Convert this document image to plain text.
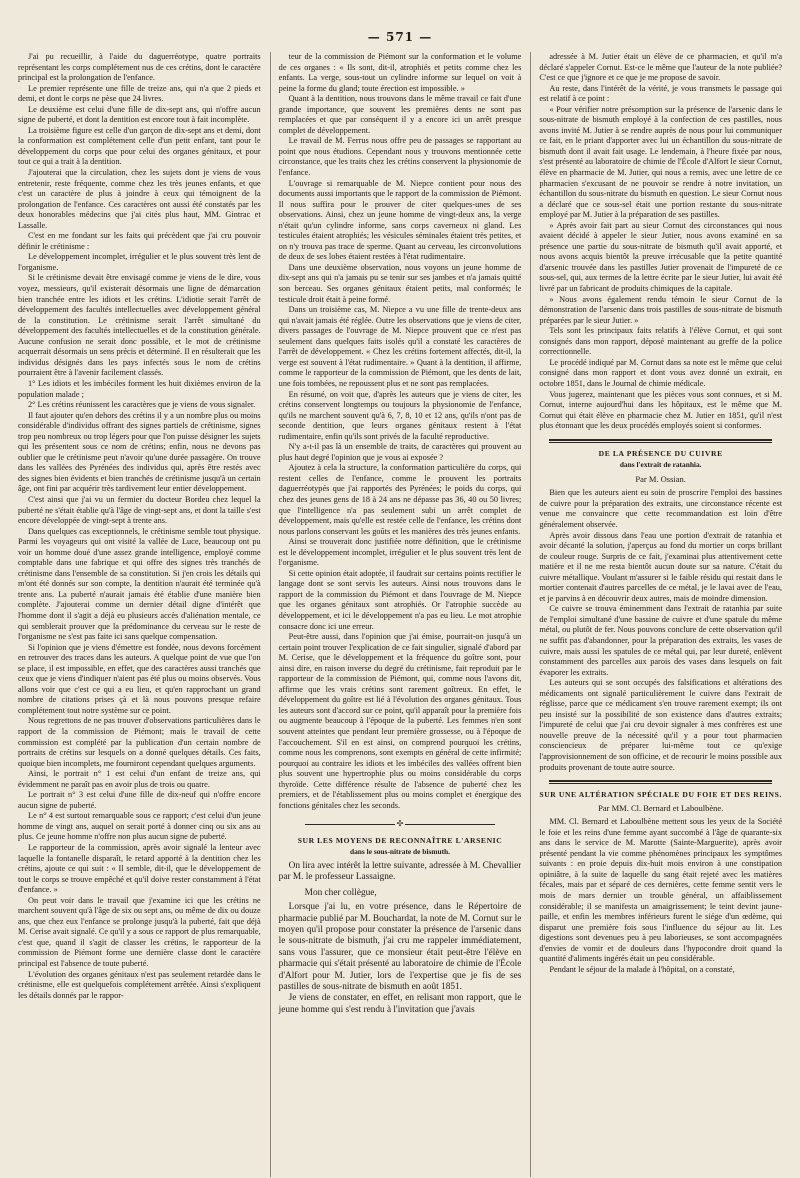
— 571 —

J'ai pu recueillir, à l'aide du daguerréotype, quatre portraits représentant les corps complétement nus de ces crétins, dont le caractère principal est la prolongation de l'enfance.

Le premier représente une fille de treize ans, qui n'a que 2 pieds et demi, et dont le corps ne pèse que 24 livres.

Le deuxième est celui d'une fille de dix-sept ans, qui n'offre aucun signe de puberté, et dont la dentition est encore tout à fait incomplète.

La troisième figure est celle d'un garçon de dix-sept ans et demi, dont la conformation est complétement celle d'un petit enfant, tant pour le développement du corps que pour celui des organes génitaux, et pour tout ce qui a trait à la dentition.

J'ajouterai que la circulation, chez les sujets dont je viens de vous entretenir, reste fréquente, comme chez les très jeunes enfants, et que c'est un caractère de plus à joindre à ceux qui témoignent de la prolongation de l'enfance. Ces caractères ont aussi été constatés par les deux honorables médecins que j'ai cités plus haut, MM. Gintrac et Lassalle.

C'est en me fondant sur les faits qui précèdent que j'ai cru pouvoir définir le crétinisme :

Le développement incomplet, irrégulier et le plus souvent très lent de l'organisme.

Si le crétinisme devait être envisagé comme je viens de le dire, vous voyez, messieurs, qu'il existerait désormais une ligne de démarcation bien tranchée entre les idiots et les crétins. L'idiotie serait l'arrêt de développement des facultés intellectuelles avec développement général de la constitution. Le crétinisme serait l'arrêt simultané du développement des facultés intellectuelles et de la constitution générale. Aucune confusion ne serait donc possible, et le mot de crétinisme acquerrait désormais un sens précis et déterminé. Il en résulterait que les individus désignés dans les pays infectés sous le nom de crétins pourraient être à l'avenir facilement classés.

1° Les idiots et les imbéciles forment les huit dixièmes environ de la population malade ;

2° Les crétins réunissent les caractères que je viens de vous signaler.

Il faut ajouter qu'en dehors des crétins il y a un nombre plus ou moins considérable d'individus offrant des signes partiels de crétinisme, signes trop peu nombreux ou trop légers pour que l'on puisse désigner les sujets qui les présentent sous ce nom de crétins; enfin, nous ne devons pas oublier que le crétinisme peut n'avoir qu'une durée passagère. On trouve dans les vallées des Pyrénées des individus qui, après être restés avec des signes bien évidents et bien tranchés de crétinisme jusqu'à un certain âge, ont fini par acquérir très tardivement leur entier développement.

C'est ainsi que j'ai vu un fermier du docteur Bordeu chez lequel la puberté ne s'était établie qu'à l'âge de vingt-sept ans, et dont la taille s'est encore développée de vingt-sept à trente ans.

Dans quelques cas exceptionnels, le crétinisme semble tout physique. Parmi les voyageurs qui ont visité la vallée de Luce, beaucoup ont pu voir un homme doué d'une assez grande intelligence, employé comme comptable dans une fabrique et qui offre des signes très tranchés de crétinisme dans l'ensemble de sa constitution. Si j'en crois les détails qui m'ont été donnés sur son compte, la dentition n'aurait été terminée qu'à trente ans. La puberté n'aurait jamais été établie d'une manière bien complète. J'ajouterai comme un dernier détail digne d'intérêt que l'homme dont il s'agit a déjà eu plusieurs accès d'aliénation mentale, ce qui semblerait prouver que la prédominance du cerveau sur le reste de l'organisme ne s'est pas faite ici sans quelque compensation.

Si l'opinion que je viens d'émettre est fondée, nous devons forcément en retrouver des traces dans les auteurs. A quelque point de vue que l'on se place, il est impossible, en effet, que des caractères aussi tranchés que ceux que je viens d'indiquer n'aient pas été plus ou moins observés. Vous allons voir que c'est ce qui a eu lieu, et qu'en rapprochant un grand nombre de citations prises çà et là nous pouvons presque refaire complétement tout notre système sur ce point.

Nous regrettons de ne pas trouver d'observations particulières dans le rapport de la commission de Piémont; mais le travail de cette commission est complété par la publication d'un certain nombre de portraits de crétins sur lesquels on a donné quelques détails. Ces faits, quoique bien incomplets, me fourniront cependant quelques arguments.

Ainsi, le portrait n° 1 est celui d'un enfant de treize ans, qui évidemment ne paraît pas en avoir plus de trois ou quatre.

Le portrait n° 3 est celui d'une fille de dix-neuf qui n'offre encore aucun signe de puberté.

Le n° 4 est surtout remarquable sous ce rapport; c'est celui d'un jeune homme de vingt ans, auquel on serait porté à donner cinq ou six ans au plus. Ce jeune homme n'offre non plus aucun signe de puberté.

Le rapporteur de la commission, après avoir signalé la lenteur avec laquelle la fontanelle disparaît, le retard apporté à la dentition chez les crétins, ajoute ce qui suit : « Il semble, dit-il, que le développement de tout le corps se trouve empêché et qu'il doive rester constamment à l'état d'enfance. »

On peut voir dans le travail que j'examine ici que les crétins ne marchent souvent qu'à l'âge de six ou sept ans, ou même de dix ou douze ans, que chez eux l'enfance se prolonge jusqu'à la puberté, fait que déjà M. Cerise avait signalé. Ce qu'il y a sous ce rapport de plus remarquable, c'est que, quand il s'agit de classer les crétins, le rapporteur de la commission de Piémont forme une dernière classe dont le caractère principal est l'absence de toute puberté.

L'évolution des organes génitaux n'est pas seulement retardée dans le crétinisme, elle est quelquefois complétement arrêtée. Ainsi s'expliquent les détails donnés par le rappor-

teur de la commission de Piémont sur la conformation et le volume de ces organes : « Ils sont, dit-il, atrophiés et petits comme chez les enfants. La verge, sous-tout un cylindre informe sur lequel on voit à peine la forme du gland; toute érection est impossible. »

Quant à la dentition, nous trouvons dans le même travail ce fait d'une grande importance, que souvent les premières dents ne sont pas remplacées et que par conséquent il y a encore ici un arrêt presque complet de développement.

Le travail de M. Ferrus nous offre peu de passages se rapportant au point que nous étudions. Cependant nous y trouvons mentionnée cette circonstance, que les traits chez les crétins conservent la physionomie de l'enfance.

L'ouvrage si remarquable de M. Niepce contient pour nous des documents aussi importants que le rapport de la commission de Piémont. Il nous suffira pour le prouver de citer quelques-unes de ses observations. Ainsi, chez un jeune homme de vingt-deux ans, la verge n'était qu'un cylindre informe, sans corps caverneux ni gland. Les testicules étaient atrophiés; les vésicules séminales étaient très petites, et on n'y trouva pas trace de sperme. Quant au cerveau, les circonvolutions de deux de ses lobes étaient restées à l'état rudimentaire.

Dans une deuxième observation, nous voyons un jeune homme de dix-sept ans qui n'a jamais pu se tenir sur ses jambes et n'a jamais quitté son berceau. Ses organes génitaux étaient petits, mal conformés; le testicule droit était à peine formé.

Dans un troisième cas, M. Niepce a vu une fille de trente-deux ans qui n'avait jamais été réglée. Outre les observations que je viens de citer, divers passages de l'ouvrage de M. Niepce prouvent que ce n'est pas seulement dans quelques faits isolés qu'il a constaté les caractères de l'arrêt de développement. « Chez les crétins fortement affectés, dit-il, la verge est souvent à l'état rudimentaire. » Quant à la dentition, il affirme, comme le rapporteur de la commission de Piémont, que les dents de lait, une fois tombées, ne repoussent plus et ne sont pas remplacées.

En résumé, on voit que, d'après les auteurs que je viens de citer, les crétins conservent longtemps ou toujours la physionomie de l'enfance, qu'ils ne marchent souvent qu'à 6, 7, 8, 10 et 12 ans, qu'ils n'ont pas de seconde dentition, que leurs organes génitaux restent à l'état rudimentaire, enfin qu'ils sont privés de la faculté reproductive.

N'y a-t-il pas là un ensemble de traits, de caractères qui prouvent au plus haut degré l'opinion que je vous ai exposée ?

Ajoutez à cela la structure, la conformation particulière du corps, qui restent celles de l'enfance, comme le prouvent les portraits daguerréotypés que j'ai rapportés des Pyrénées; le poids du corps, qui chez des jeunes gens de 18 à 24 ans ne dépasse pas 36, 40 ou 50 livres; que l'intelligence n'a pas seulement subi un arrêt complet de développement, mais qu'elle est restée celle de l'enfance, les crétins dont nous parlons conservant les goûts et les manières des très jeunes enfants.

Ainsi se trouverait donc justifiée notre définition, que le crétinisme est le développement incomplet, irrégulier et le plus souvent très lent de l'organisme.

Si cette opinion était adoptée, il faudrait sur certains points rectifier le langage dont se sont servis les auteurs. Ainsi nous trouvons dans le rapport de la commission du Piémont et dans l'ouvrage de M. Niepce que les organes génitaux sont atrophiés. Or l'atrophie succède au développement, et ici le développement n'a pas eu lieu. Le mot atrophie consacre donc ici une erreur.

Peut-être aussi, dans l'opinion que j'ai émise, pourrait-on jusqu'à un certain point trouver l'explication de ce fait singulier, signalé d'abord par M. Cerise, que le développement et la fréquence du goître sont, pour ainsi dire, en raison inverse du degré du crétinisme, fait reproduit par le rapporteur de la commission de Piémont, qui, comme nous l'avons dit, affirme que les vrais crétins sont rarement goîtreux. En effet, le développement du goître est lié à l'évolution des organes génitaux. Tous les auteurs sont d'accord sur ce point, qu'il apparaît pour la première fois ou augmente beaucoup à l'époque de la puberté. Les femmes n'en sont souvent atteintes que pendant leur première grossesse, ou à l'époque de l'accouchement. S'il en est ainsi, on comprend pourquoi les crétins, comme nous les comprenons, sont exempts en général de cette infirmité; pourquoi au contraire les idiots et les imbéciles des vallées offrent bien plus souvent une hypertrophie plus ou moins considérable du corps thyroïde. Cette différence résulte de l'absence de puberté chez les premiers, et de l'établissement plus ou moins complet et énergique des fonctions génitales chez les seconds.

✣
SUR LES MOYENS DE RECONNAÎTRE L'ARSENIC
dans le sous-nitrate de bismuth.

On lira avec intérêt la lettre suivante, adressée à M. Chevallier par M. le professeur Lassaigne.

Mon cher collègue,

Lorsque j'ai lu, en votre présence, dans le Répertoire de pharmacie publié par M. Bouchardat, la note de M. Cornut sur le moyen qu'il propose pour constater la présence de l'arsenic dans le sous-nitrate de bismuth, j'ai cru me rappeler immédiatement, sans vous l'assurer, que ce monsieur était peut-être l'élève en pharmacie qui s'était présenté au laboratoire de chimie de l'École d'Alfort pour M. Jutier, lors de l'expertise que je fis de ses pastilles de sous-nitrate de bismuth en août 1851.

Je viens de constater, en effet, en relisant mon rapport, que le jeune homme qui s'est rendu à l'invitation que j'avais

adressée à M. Jutier était un élève de ce pharmacien, et qu'il m'a déclaré s'appeler Cornut. Est-ce le même que l'auteur de la note publiée? C'est ce que j'ignore et ce que je me propose de savoir.

Au reste, dans l'intérêt de la vérité, je vous transmets le passage qui est relatif à ce point :

« Pour vérifier notre présomption sur la présence de l'arsenic dans le sous-nitrate de bismuth employé à la confection de ces pastilles, nous avons invité M. Jutier à se rendre auprès de nous pour lui communiquer ce fait, en le priant d'apporter avec lui un échantillon du sous-nitrate de bismuth dont il avait fait usage. Le lendemain, à l'heure fixée par nous, s'est présenté au laboratoire de chimie de l'École d'Alfort le sieur Cornut, élève en pharmacie de M. Jutier, qui nous a remis, avec une lettre de ce pharmacien s'excusant de ne pouvoir se rendre à notre invitation, un échantillon du sous-nitrate du bismuth en question. Le sieur Cornut nous a déclaré que ce sous-sel était une portion restante du sous-nitrate employé par M. Jutier à la préparation de ses pastilles.

» Après avoir fait part au sieur Cornut des circonstances qui nous avaient décidé à appeler le sieur Jutier, nous avons examiné en sa présence une partie du sous-nitrate de bismuth qu'il avait apporté, et nous avons acquis bientôt la preuve irrécusable que la petite quantité d'arsenic trouvée dans les pastilles Jutier provenait de l'impureté de ce sous-sel, qui, aux termes de la lettre écrite par le sieur Jutier, lui avait été livré par un fabricant de produits chimiques de la capitale.

» Nous avons également rendu témoin le sieur Cornut de la démonstration de l'arsenic dans trois pastilles de sous-nitrate de bismuth préparées par le sieur Jutier. »

Tels sont les principaux faits relatifs à l'élève Cornut, et qui sont consignés dans mon rapport, déposé maintenant au greffe de la police correctionnelle.

Le procédé indiqué par M. Cornut dans sa note est le même que celui consigné dans mon rapport et dont vous avez donné un extrait, en octobre 1851, dans le Journal de chimie médicale.

Vous jugerez, maintenant que les pièces vous sont connues, et si M. Cornut, interne aujourd'hui dans les hôpitaux, est le même que M. Cornut qui était élève en pharmacie chez M. Jutier en 1851, qu'il n'est plus étonnant que les deux procédés employés soient si conformes.

DE LA PRÉSENCE DU CUIVRE
dans l'extrait de ratanhia.
Par M. Ossian.

Bien que les auteurs aient eu soin de proscrire l'emploi des bassines de cuivre pour la préparation des extraits, une circonstance récente est venue me convaincre que cette recommandation est loin d'être généralement observée.

Après avoir dissous dans l'eau une portion d'extrait de ratanhia et avoir décanté la solution, j'aperçus au fond du mortier un corps brillant de couleur rouge. Surpris de ce fait, j'examinai plus attentivement cette matière et il ne me resta bientôt aucun doute sur sa nature. C'était du cuivre métallique. Voulant m'assurer si le faible résidu qui restait dans le mortier contenait d'autres parcelles de ce métal, je le lavai avec de l'eau, et je parvins à en découvrir deux autres, mais de moindre dimension.

Ce cuivre se trouva éminemment dans l'extrait de ratanhia par suite de l'emploi simultané d'une bassine de cuivre et d'une spatule du même métal, ou plutôt de fer. Nous pouvons conclure de cette observation qu'il ne suffit pas d'abandonner, pour la préparation des extraits, les vases de cuivre, mais aussi les spatules de ce métal qui, par leur dureté, enlèvent constamment des parcelles aux parois des vases dans lesquels on fait évaporer les extraits.

Les auteurs qui se sont occupés des falsifications et altérations des médicaments ont signalé particulièrement le cuivre dans l'extrait de réglisse, parce que ce médicament s'en trouve rarement exempt; ils ont peu insisté sur la possibilité de son existence dans d'autres extraits; l'impureté de celui que j'ai cru devoir signaler à mes confrères est une nouvelle preuve de la nécessité qu'il y a pour tout pharmacien consciencieux de préparer lui-même tout ce qu'exige l'approvisionnement de son officine, et de recourir le moins possible aux produits provenant de toute autre source.

SUR UNE ALTÉRATION SPÉCIALE DU FOIE ET DES REINS.
Par MM. Cl. Bernard et Laboulbène.

MM. Cl. Bernard et Laboulbène mettent sous les yeux de la Société le foie et les reins d'une femme ayant succombé à l'âge de quarante-six ans dans le service de M. Marotte (Sainte-Marguerite), après avoir présenté pendant la vie comme phénomènes principaux les symptômes suivants : en proie depuis dix-huit mois environ à une constipation opiniâtre, à la suite de laquelle du sang était rejeté avec les matières fécales, mais par et séparé de ces dernières, cette femme sentit vers le mois de mars dernier un trouble général, un affaiblissement considérable; il se manifesta un amaigrissement; le teint devint jaune-paille, et enfin les membres inférieurs furent le siége d'un œdème, qui disparut une première fois sous l'influence du séjour au lit. Les digestions sont devenues peu à peu laborieuses, se sont accompagnées d'envies de vomir et de douleurs dans l'hypocondre droit quand la quantité d'aliments ingérés était un peu considérable.

Pendant le séjour de la malade à l'hôpital, on a constaté,
